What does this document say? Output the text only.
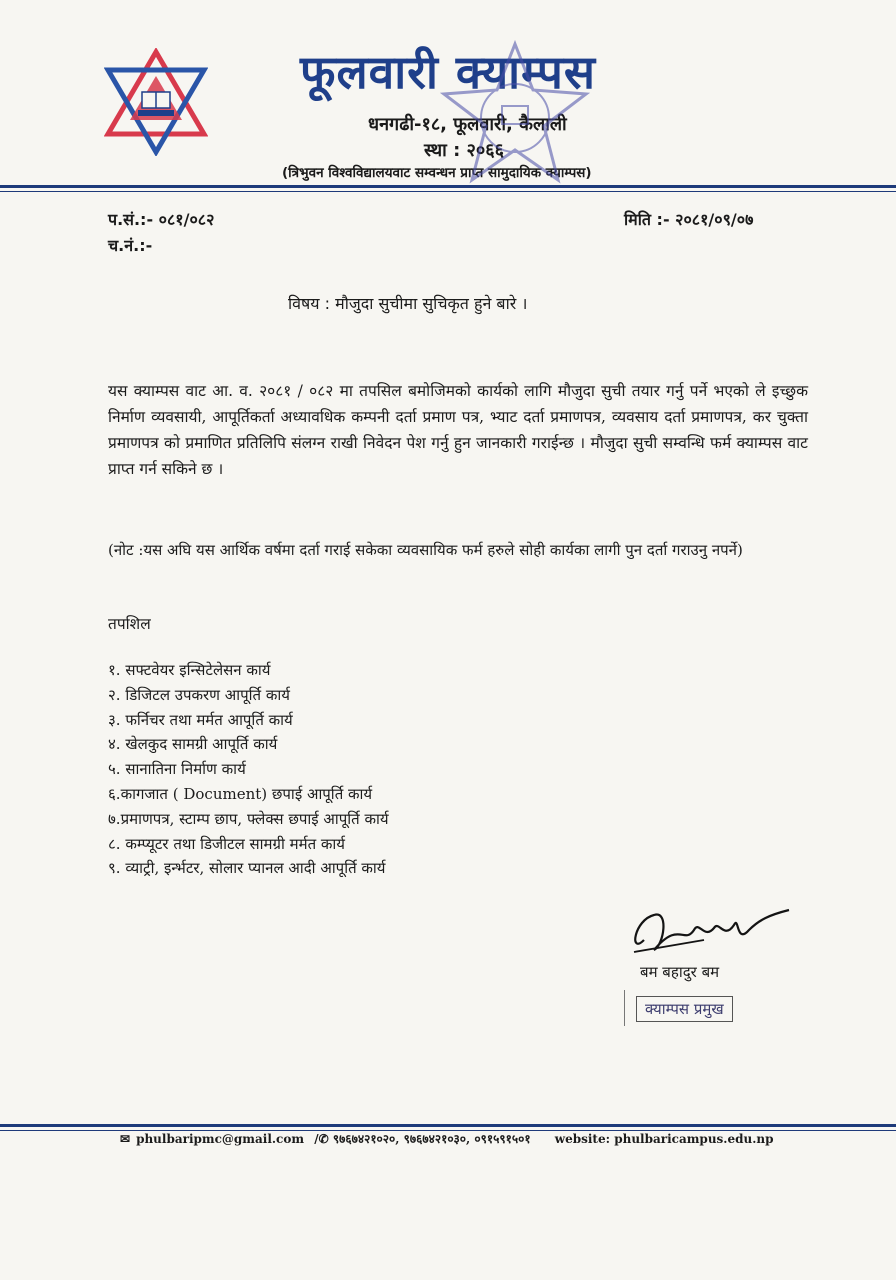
फूलवारी क्याम्पस
धनगढी-१८, फूलवारी, कैलाली
स्था : २०६६
(त्रिभुवन विश्वविद्यालयवाट सम्वन्धन प्राप्त सामुदायिक क्याम्पस)
प.सं.:- ०८१/०८२
च.नं.:-
मिति :- २०८१/०९/०७
विषय : मौजुदा सुचीमा सुचिकृत हुने बारे ।
यस क्याम्पस वाट आ. व. २०८१ / ०८२ मा तपसिल बमोजिमको कार्यको लागि मौजुदा सुची तयार गर्नु पर्ने भएको ले इच्छुक निर्माण व्यवसायी, आपूर्तिकर्ता अध्यावधिक कम्पनी दर्ता प्रमाण पत्र, भ्याट दर्ता प्रमाणपत्र, व्यवसाय दर्ता प्रमाणपत्र, कर चुक्ता प्रमाणपत्र को प्रमाणित प्रतिलिपि संलग्न राखी निवेदन पेश गर्नु हुन जानकारी गराईन्छ । मौजुदा सुची सम्वन्धि फर्म क्याम्पस वाट प्राप्त गर्न सकिने छ ।
(नोट :यस अघि यस आर्थिक वर्षमा दर्ता गराई सकेका व्यवसायिक फर्म हरुले सोही कार्यका लागी पुन दर्ता गराउनु नपर्ने)
तपशिल
१. सफ्टवेयर इन्सिटेलेसन कार्य
२. डिजिटल उपकरण आपूर्ति कार्य
३. फर्निचर तथा मर्मत आपूर्ति कार्य
४. खेलकुद सामग्री आपूर्ति कार्य
५. सानातिना निर्माण कार्य
६.कागजात ( Document) छपाई आपूर्ति कार्य
७.प्रमाणपत्र, स्टाम्प छाप, फ्लेक्स छपाई आपूर्ति कार्य
८. कम्प्यूटर तथा डिजीटल सामग्री मर्मत कार्य
९. व्याट्री, इर्न्भटर, सोलार प्यानल आदी आपूर्ति कार्य
बम बहादुर बम
क्याम्पस प्रमुख
✉ phulbaripmc@gmail.com /✆ ९७६७४२१०२०, ९७६७४२१०३०, ०९१५९१५०१ website: phulbaricampus.edu.np
